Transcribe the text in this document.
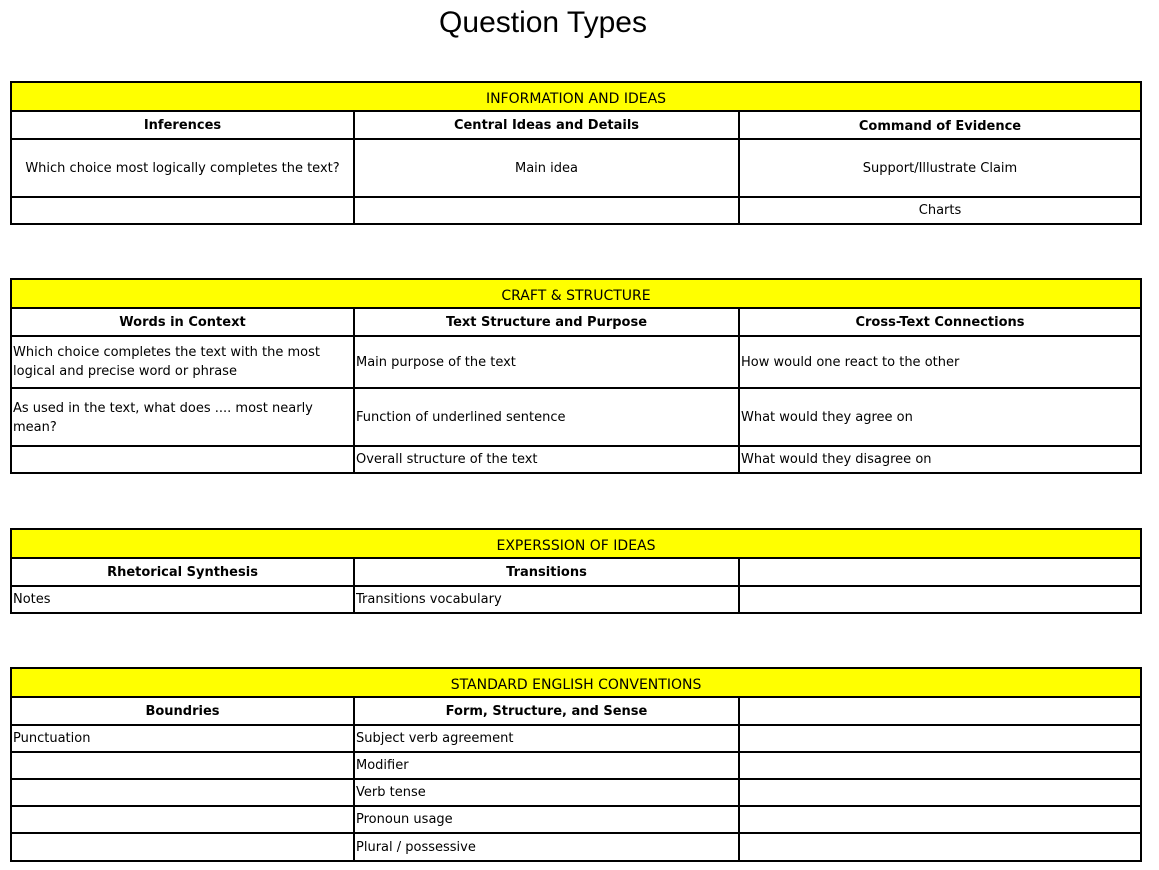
Question Types
INFORMATION AND IDEAS		
Inferences	Central Ideas and Details	Command of Evidence
Which choice most logically completes the text?	Main idea	Support/Illustrate Claim
		Charts
CRAFT & STRUCTURE		
Words in Context	Text Structure and Purpose	Cross-Text Connections
Which choice completes the text with the most logical and precise word or phrase	Main purpose of the text	How would one react to the other
As used in the text, what does .... most nearly mean?	Function of underlined sentence	What would they agree on
	Overall structure of the text	What would they disagree on
EXPERSSION OF IDEAS		
Rhetorical Synthesis	Transitions	
Notes	Transitions vocabulary	
STANDARD ENGLISH CONVENTIONS		
Boundries	Form, Structure, and Sense	
Punctuation	Subject verb agreement	
	Modifier	
	Verb tense	
	Pronoun usage	
	Plural / possessive	
